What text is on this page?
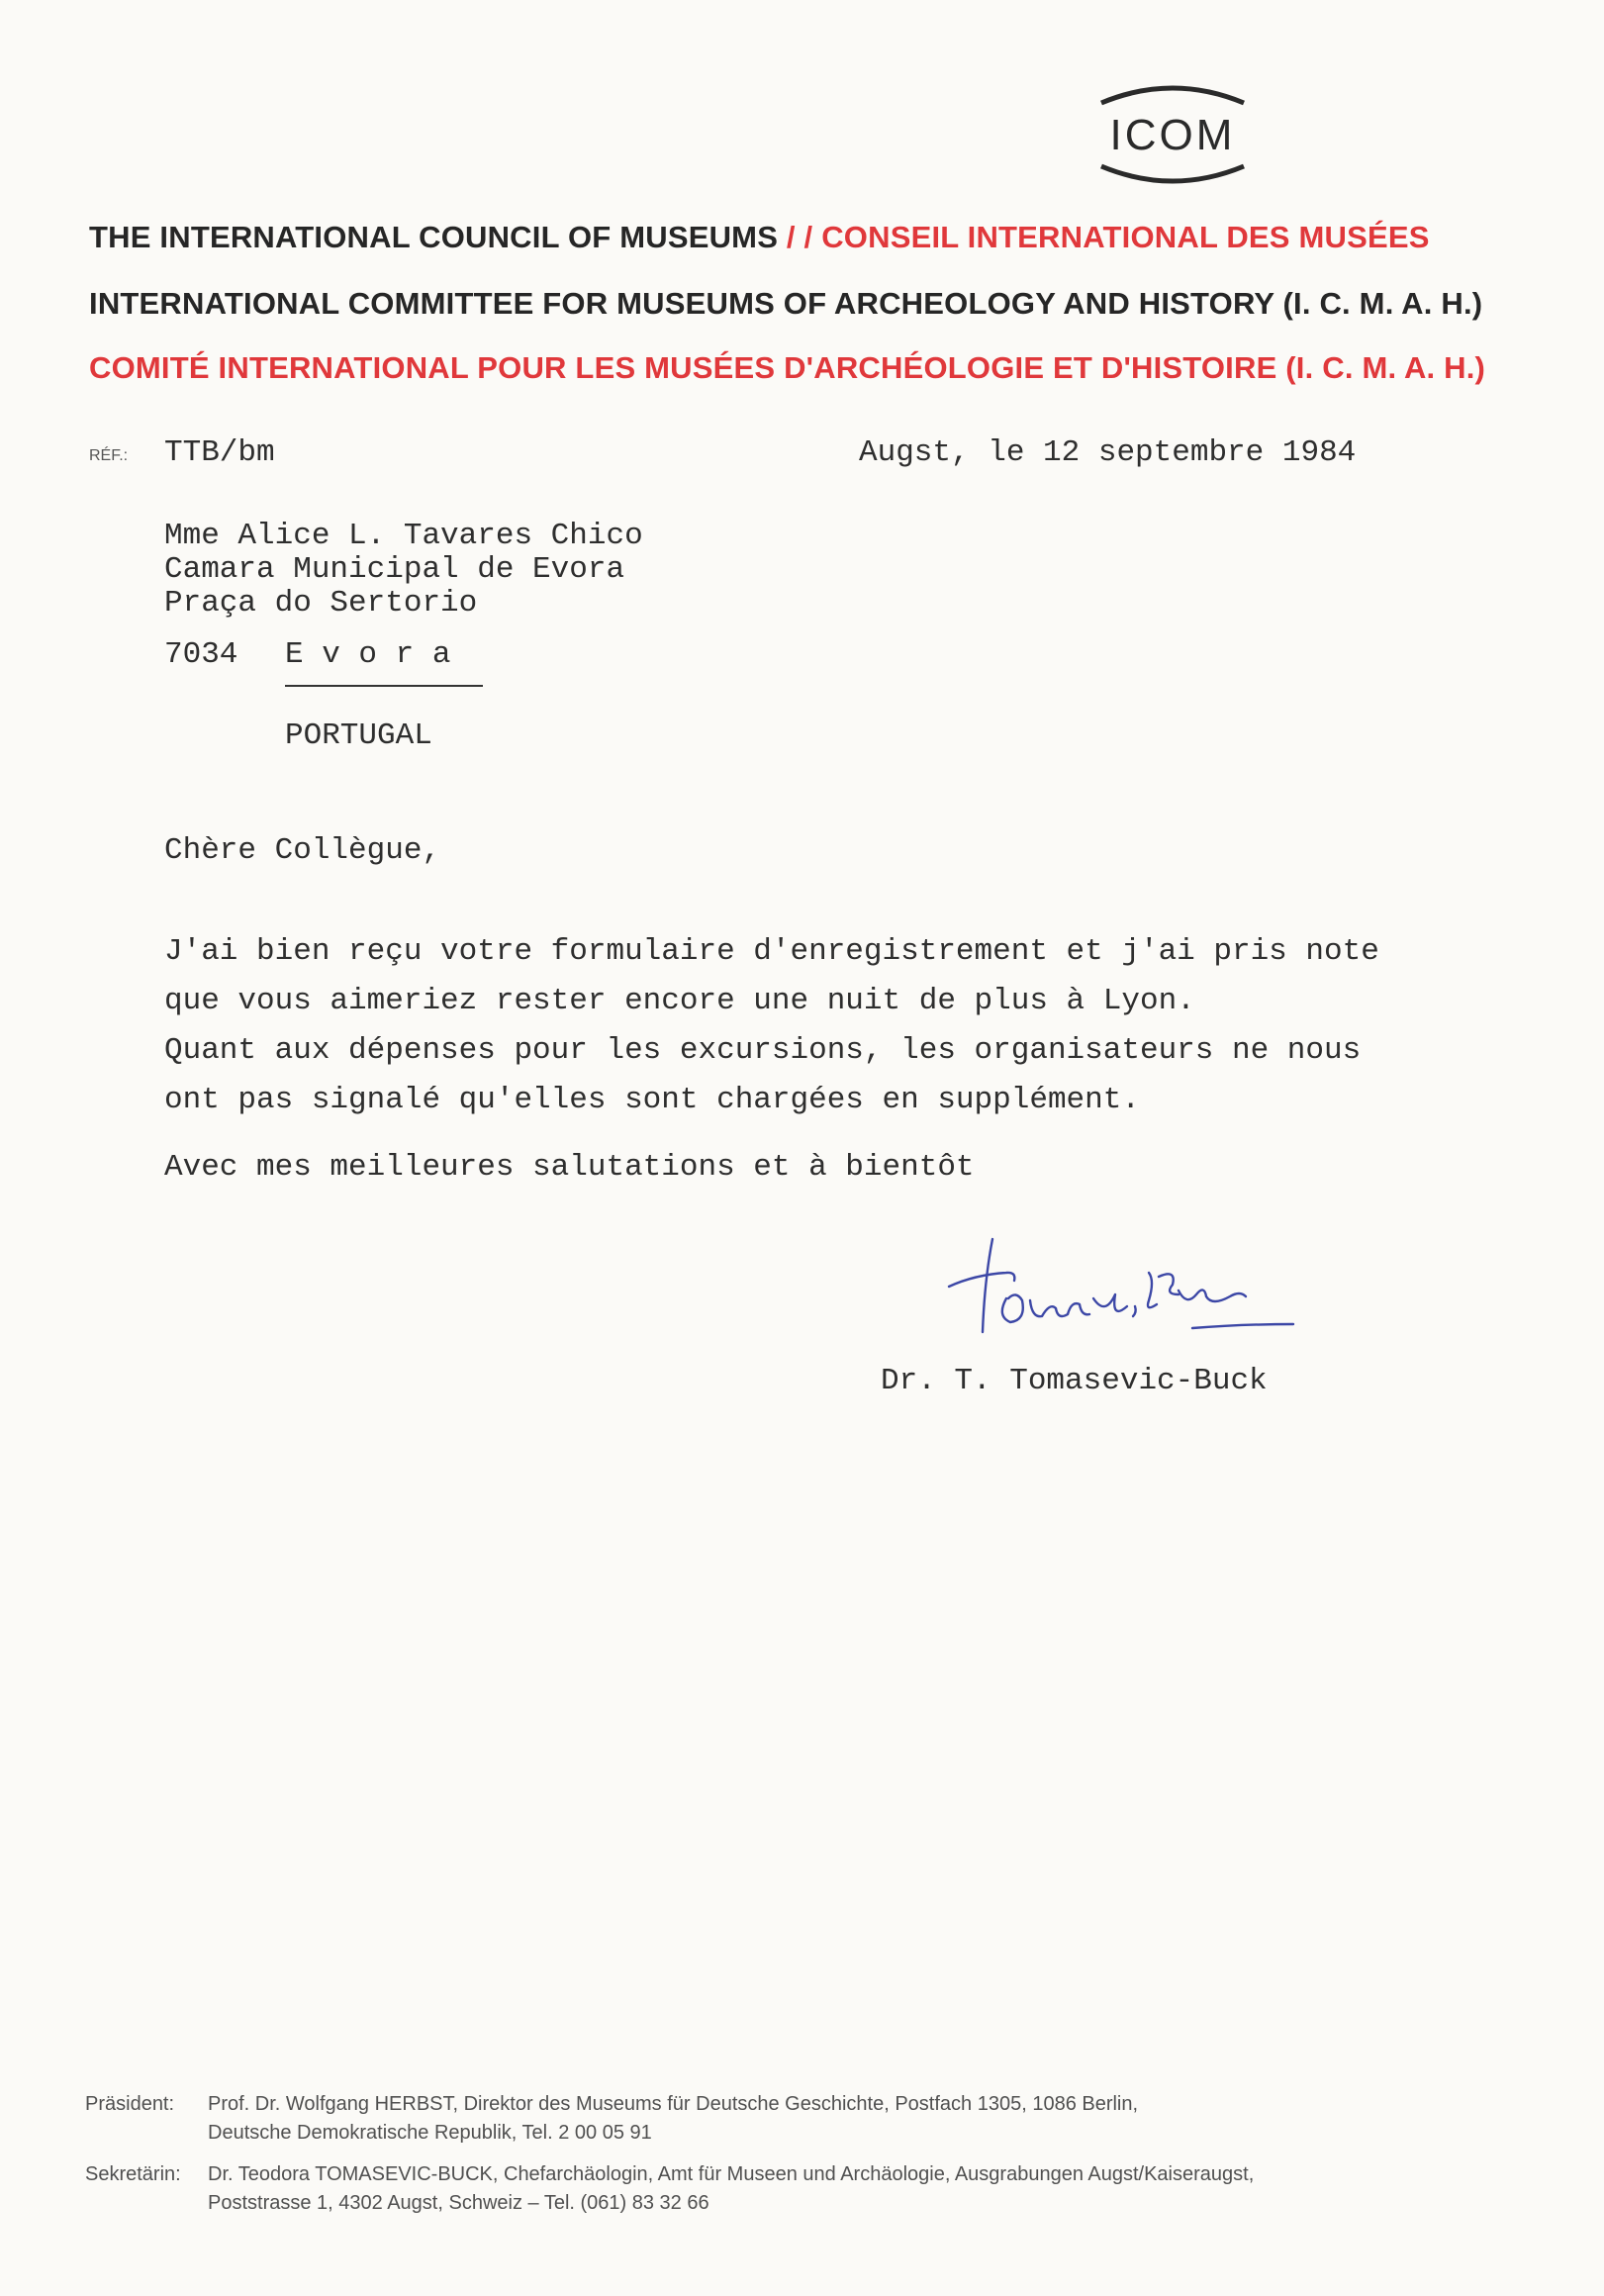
ICOM
THE INTERNATIONAL COUNCIL OF MUSEUMS / / CONSEIL INTERNATIONAL DES MUSÉES
INTERNATIONAL COMMITTEE FOR MUSEUMS OF ARCHEOLOGY AND HISTORY (I. C. M. A. H.)
COMITÉ INTERNATIONAL POUR LES MUSÉES D'ARCHÉOLOGIE ET D'HISTOIRE (I. C. M. A. H.)
RÉF.: TTB/bm	Augst, le 12 septembre 1984
Mme Alice L. Tavares Chico
Camara Municipal de Evora
Praça do Sertorio
7034 E v o r a
PORTUGAL
Chère Collègue,
J'ai bien reçu votre formulaire d'enregistrement et j'ai pris note
que vous aimeriez rester encore une nuit de plus à Lyon.
Quant aux dépenses pour les excursions, les organisateurs ne nous
ont pas signalé qu'elles sont chargées en supplément.
Avec mes meilleures salutations et à bientôt
Dr. T. Tomasevic-Buck
Präsident: Prof. Dr. Wolfgang HERBST, Direktor des Museums für Deutsche Geschichte, Postfach 1305, 1086 Berlin,
Deutsche Demokratische Republik, Tel. 2 00 05 91
Sekretärin: Dr. Teodora TOMASEVIC-BUCK, Chefarchäologin, Amt für Museen und Archäologie, Ausgrabungen Augst/Kaiseraugst,
Poststrasse 1, 4302 Augst, Schweiz – Tel. (061) 83 32 66
